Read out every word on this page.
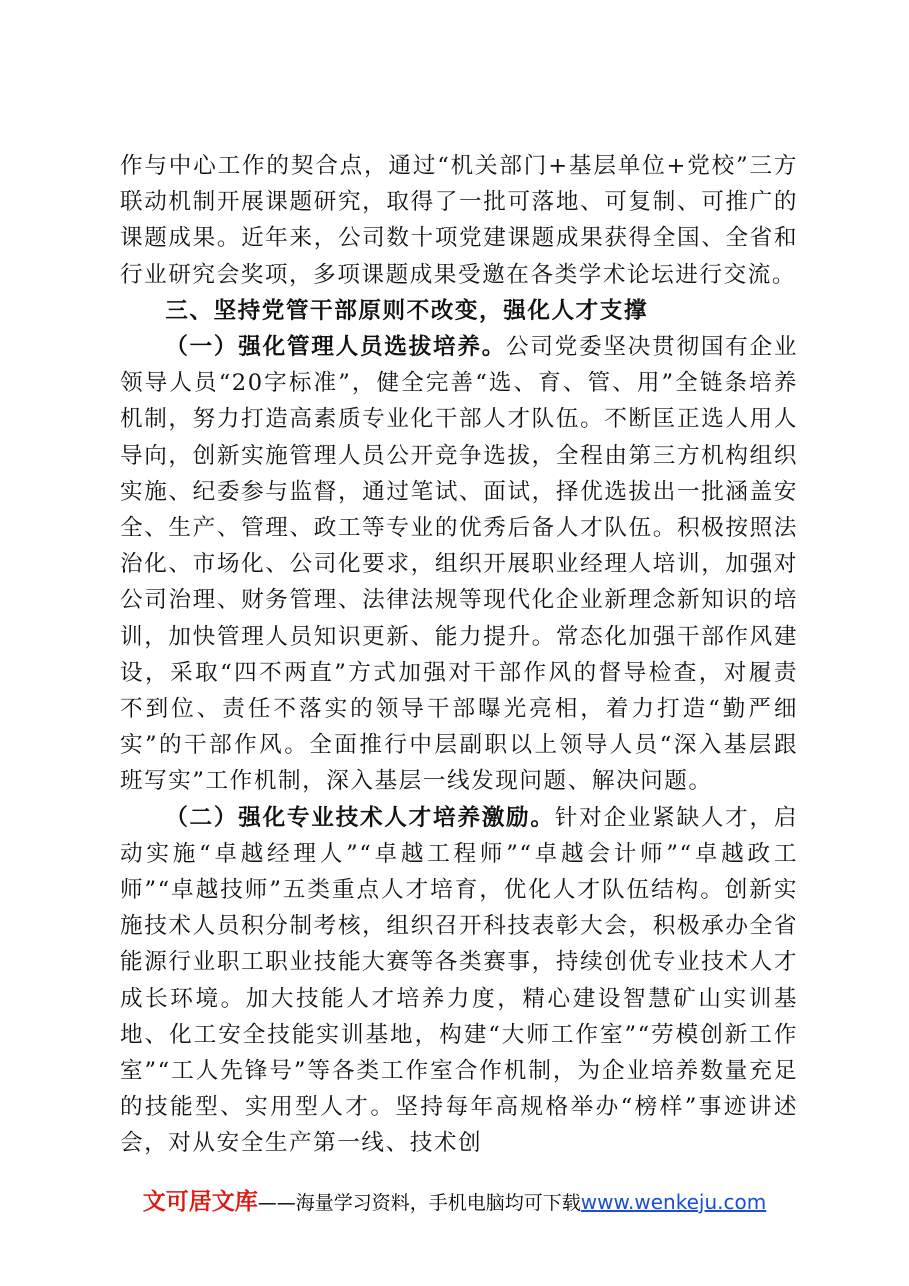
作与中心工作的契合点，通过“机关部门+基层单位+党校”三方联动机制开展课题研究，取得了一批可落地、可复制、可推广的课题成果。近年来，公司数十项党建课题成果获得全国、全省和行业研究会奖项，多项课题成果受邀在各类学术论坛进行交流。

三、坚持党管干部原则不改变，强化人才支撑

（一）强化管理人员选拔培养。公司党委坚决贯彻国有企业领导人员“20字标准”，健全完善“选、育、管、用”全链条培养机制，努力打造高素质专业化干部人才队伍。不断匡正选人用人导向，创新实施管理人员公开竞争选拔，全程由第三方机构组织实施、纪委参与监督，通过笔试、面试，择优选拔出一批涵盖安全、生产、管理、政工等专业的优秀后备人才队伍。积极按照法治化、市场化、公司化要求，组织开展职业经理人培训，加强对公司治理、财务管理、法律法规等现代化企业新理念新知识的培训，加快管理人员知识更新、能力提升。常态化加强干部作风建设，采取“四不两直”方式加强对干部作风的督导检查，对履责不到位、责任不落实的领导干部曝光亮相，着力打造“勤严细实”的干部作风。全面推行中层副职以上领导人员“深入基层跟班写实”工作机制，深入基层一线发现问题、解决问题。

（二）强化专业技术人才培养激励。针对企业紧缺人才，启动实施“卓越经理人”“卓越工程师”“卓越会计师”“卓越政工师”“卓越技师”五类重点人才培育，优化人才队伍结构。创新实施技术人员积分制考核，组织召开科技表彰大会，积极承办全省能源行业职工职业技能大赛等各类赛事，持续创优专业技术人才成长环境。加大技能人才培养力度，精心建设智慧矿山实训基地、化工安全技能实训基地，构建“大师工作室”“劳模创新工作室”“工人先锋号”等各类工作室合作机制，为企业培养数量充足的技能型、实用型人才。坚持每年高规格举办“榜样”事迹讲述会，对从安全生产第一线、技术创

文可居文库——海量学习资料，手机电脑均可下载www.wenkeju.com
